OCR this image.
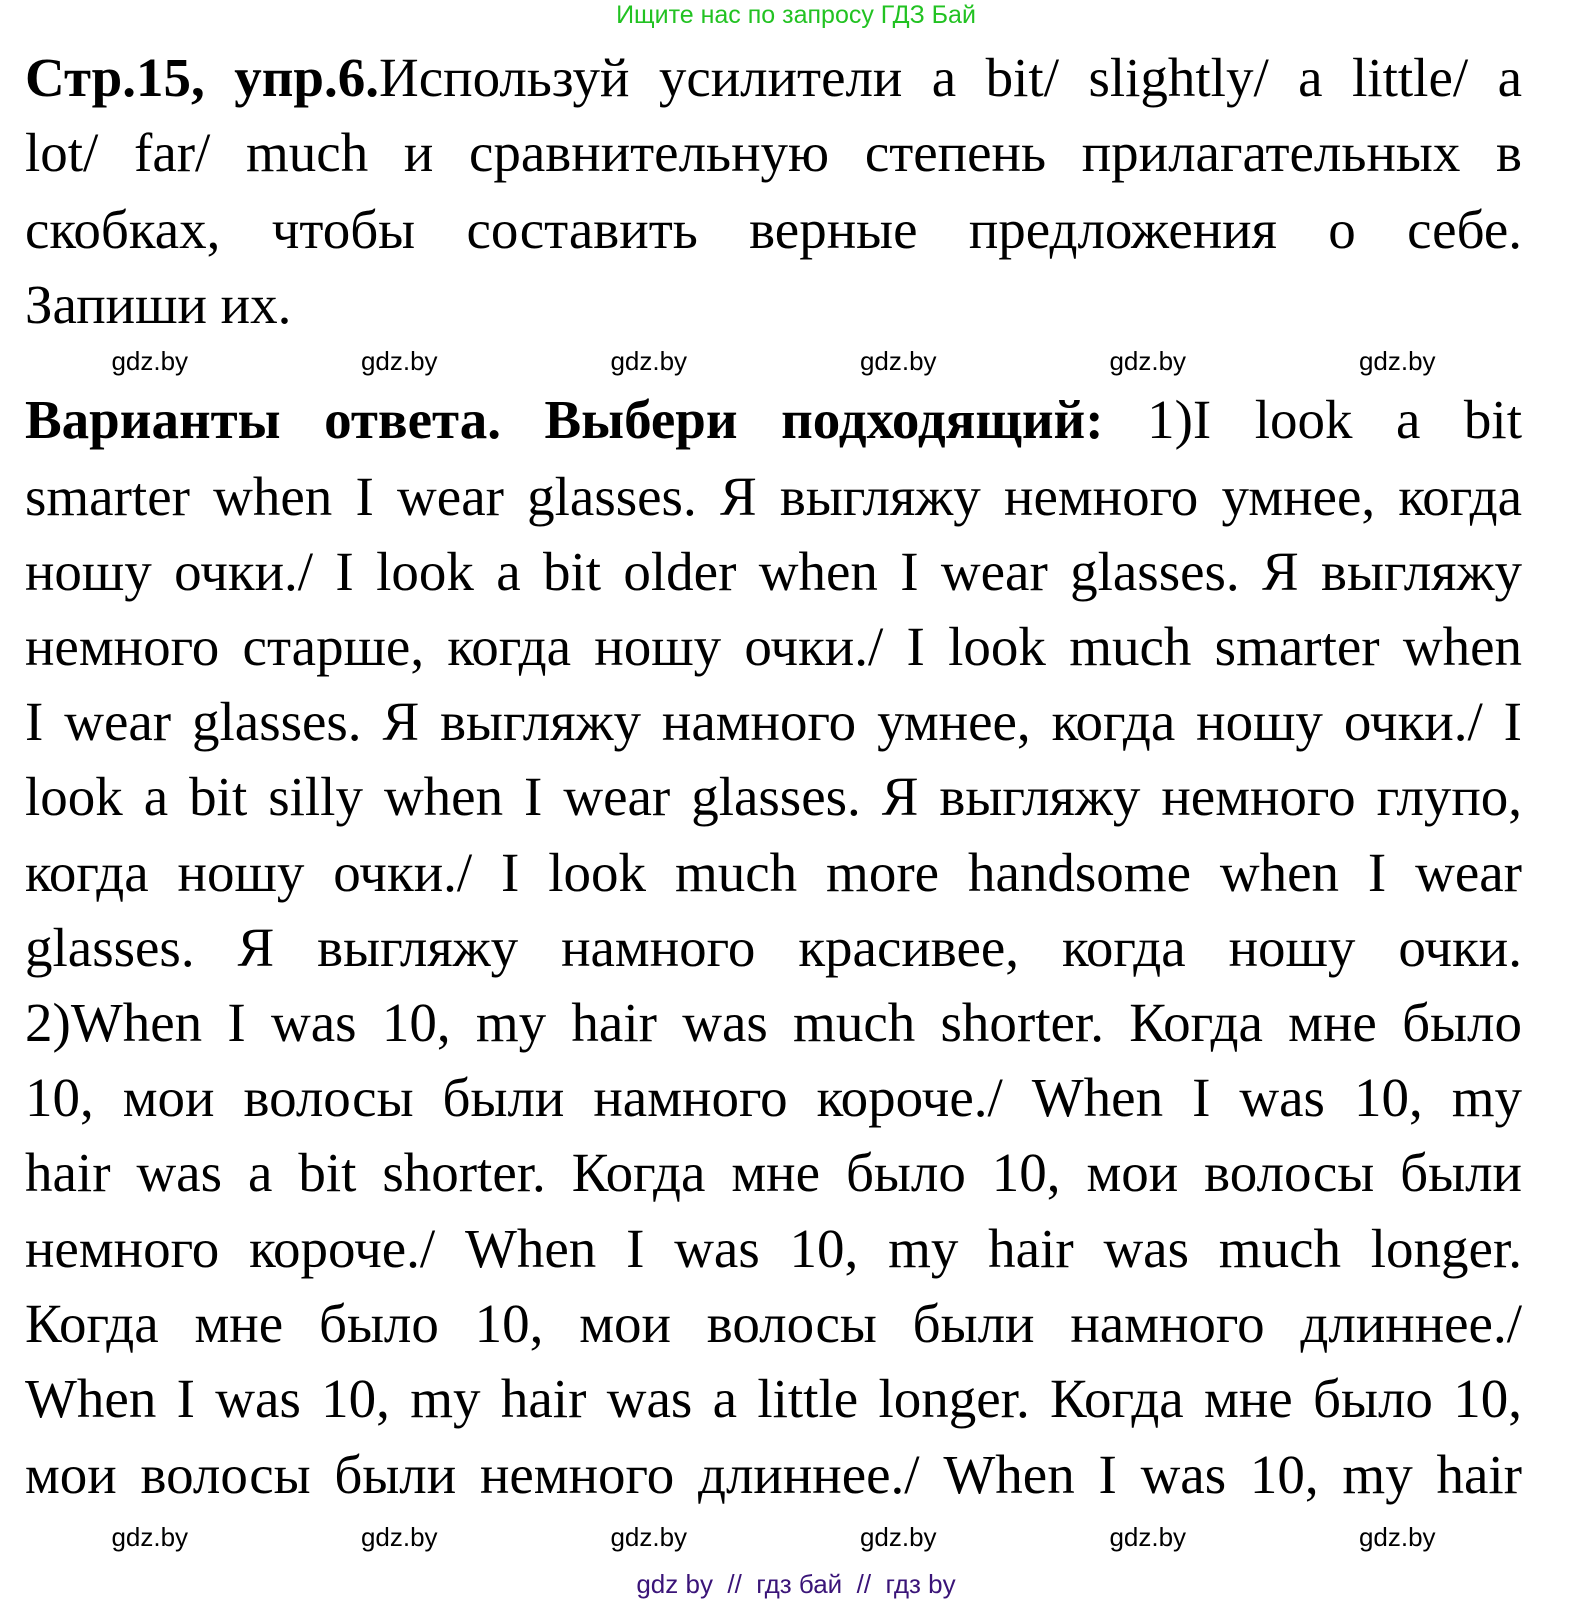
Ищите нас по запросу ГДЗ Бай
Стр.15, упр.6.Используй усилители a bit/ slightly/ a little/ a
lot/ far/ much и сравнительную степень прилагательных в
скобках, чтобы составить верные предложения о себе.
Запиши их.
Варианты ответа. Выбери подходящий: 1)I look a bit
smarter when I wear glasses. Я выгляжу немного умнее, когда
ношу очки./ I look a bit older when I wear glasses. Я выгляжу
немного старше, когда ношу очки./ I look much smarter when
I wear glasses. Я выгляжу намного умнее, когда ношу очки./ I
look a bit silly when I wear glasses. Я выгляжу немного глупо,
когда ношу очки./ I look much more handsome when I wear
glasses. Я выгляжу намного красивее, когда ношу очки.
2)When I was 10, my hair was much shorter. Когда мне было
10, мои волосы были намного короче./ When I was 10, my
hair was a bit shorter. Когда мне было 10, мои волосы были
немного короче./ When I was 10, my hair was much longer.
Когда мне было 10, мои волосы были намного длиннее./
When I was 10, my hair was a little longer. Когда мне было 10,
мои волосы были немного длиннее./ When I was 10, my hair
gdz.by	gdz.by	gdz.by	gdz.by	gdz.by	gdz.by
gdz.by	gdz.by	gdz.by	gdz.by	gdz.by	gdz.by
gdz by  //  гдз бай  //  гдз by
